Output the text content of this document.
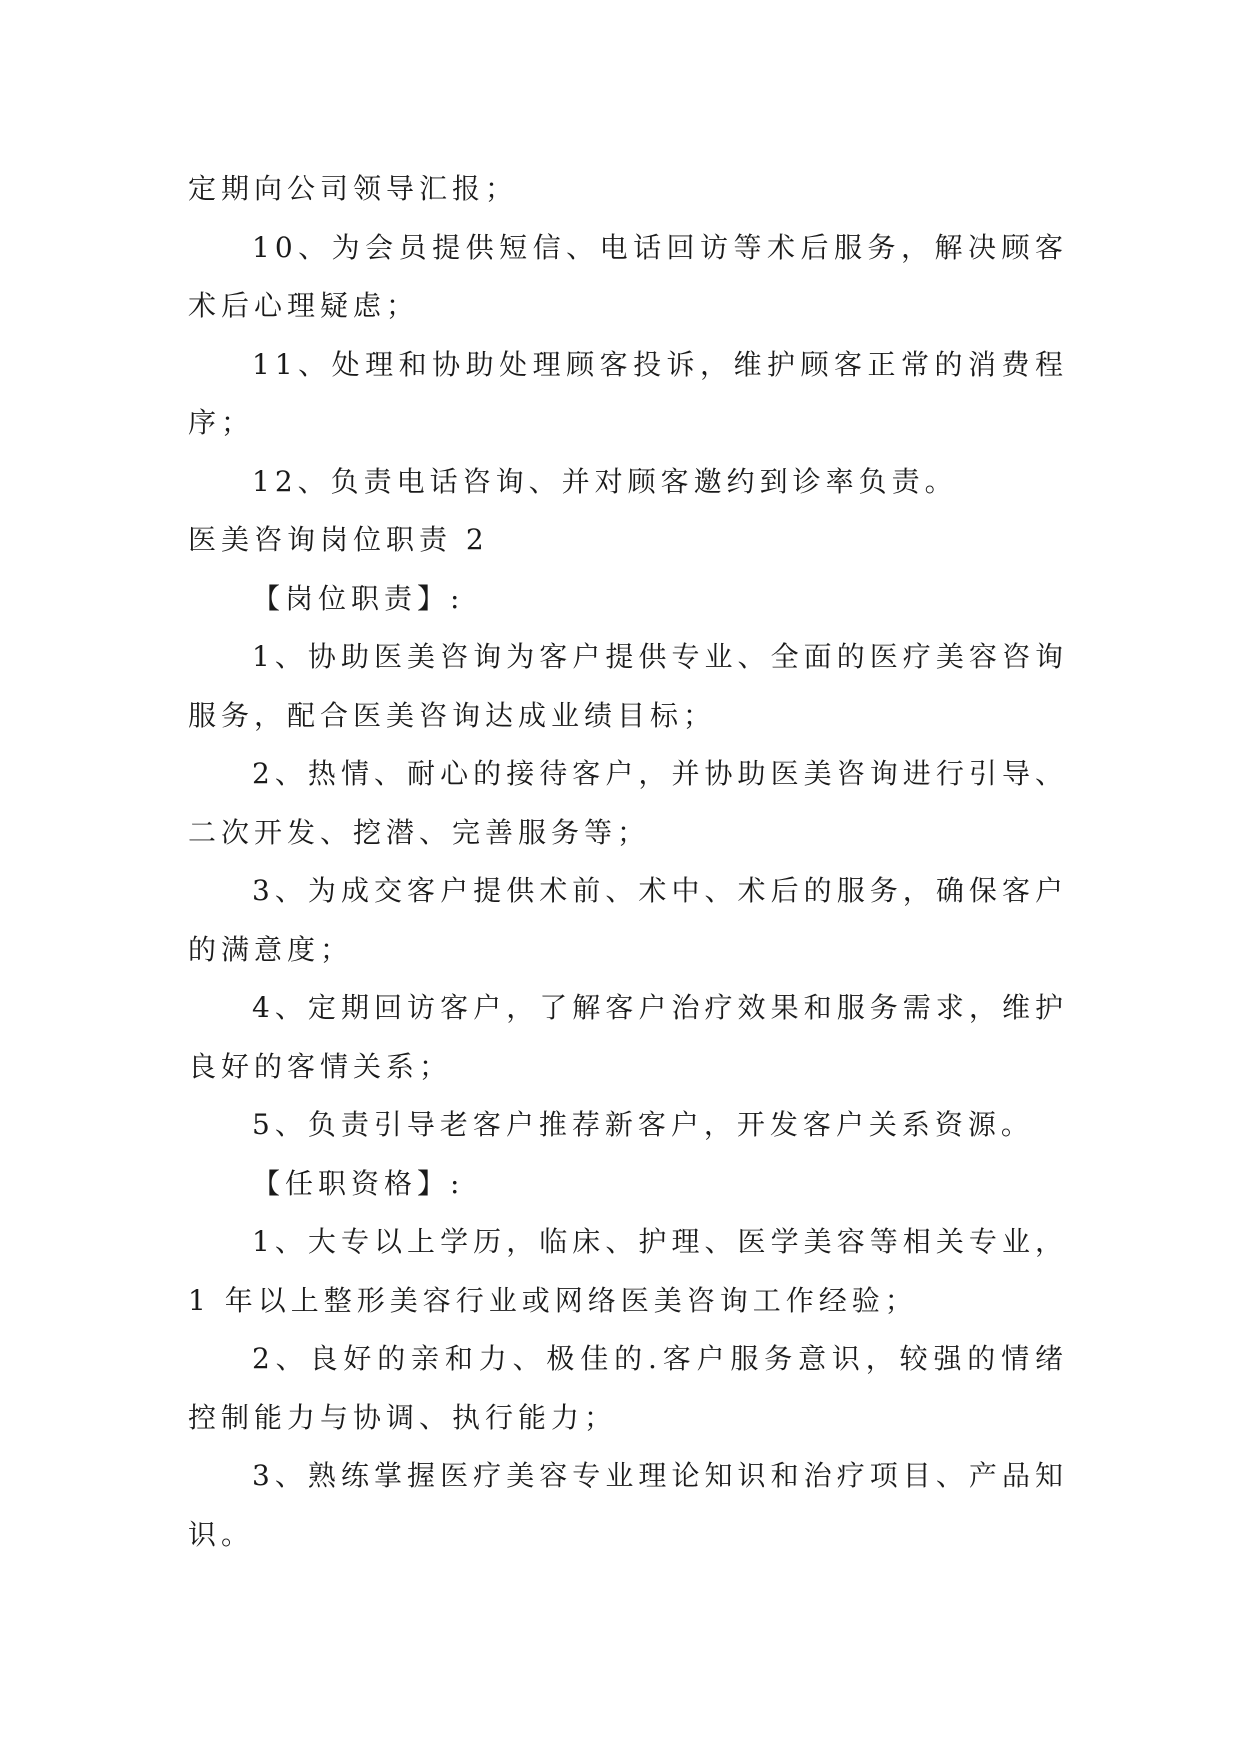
定期向公司领导汇报；

10、为会员提供短信、电话回访等术后服务，解决顾客术后心理疑虑；

11、处理和协助处理顾客投诉，维护顾客正常的消费程序；

12、负责电话咨询、并对顾客邀约到诊率负责。

医美咨询岗位职责 2

【岗位职责】:

1、协助医美咨询为客户提供专业、全面的医疗美容咨询服务，配合医美咨询达成业绩目标；

2、热情、耐心的接待客户，并协助医美咨询进行引导、二次开发、挖潜、完善服务等；

3、为成交客户提供术前、术中、术后的服务，确保客户的满意度；

4、定期回访客户，了解客户治疗效果和服务需求，维护良好的客情关系；

5、负责引导老客户推荐新客户，开发客户关系资源。

【任职资格】:

1、大专以上学历，临床、护理、医学美容等相关专业，1 年以上整形美容行业或网络医美咨询工作经验；

2、良好的亲和力、极佳的.客户服务意识，较强的情绪控制能力与协调、执行能力；

3、熟练掌握医疗美容专业理论知识和治疗项目、产品知识。
